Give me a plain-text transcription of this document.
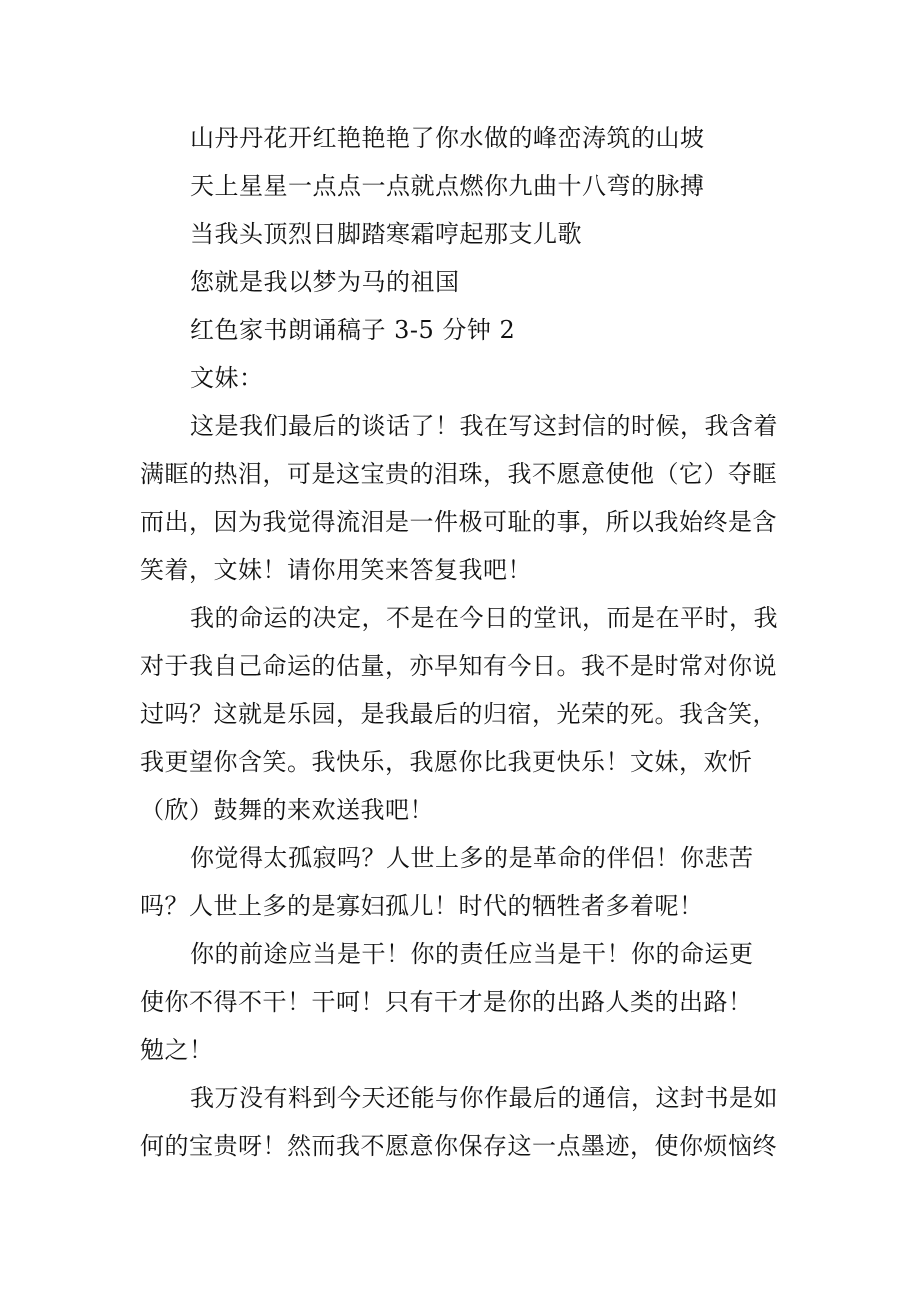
山丹丹花开红艳艳艳了你水做的峰峦涛筑的山坡

天上星星一点点一点就点燃你九曲十八弯的脉搏

当我头顶烈日脚踏寒霜哼起那支儿歌

您就是我以梦为马的祖国

红色家书朗诵稿子 3-5 分钟 2

文妹：

这是我们最后的谈话了！我在写这封信的时候，我含着

满眶的热泪，可是这宝贵的泪珠，我不愿意使他（它）夺眶

而出，因为我觉得流泪是一件极可耻的事，所以我始终是含

笑着，文妹！请你用笑来答复我吧！

我的命运的决定，不是在今日的堂讯，而是在平时，我

对于我自己命运的估量，亦早知有今日。我不是时常对你说

过吗？这就是乐园，是我最后的归宿，光荣的死。我含笑，

我更望你含笑。我快乐，我愿你比我更快乐！文妹，欢忻

（欣）鼓舞的来欢送我吧！

你觉得太孤寂吗？人世上多的是革命的伴侣！你悲苦

吗？人世上多的是寡妇孤儿！时代的牺牲者多着呢！

你的前途应当是干！你的责任应当是干！你的命运更

使你不得不干！干呵！只有干才是你的出路人类的出路！

勉之！

我万没有料到今天还能与你作最后的通信，这封书是如

何的宝贵呀！然而我不愿意你保存这一点墨迹，使你烦恼终
